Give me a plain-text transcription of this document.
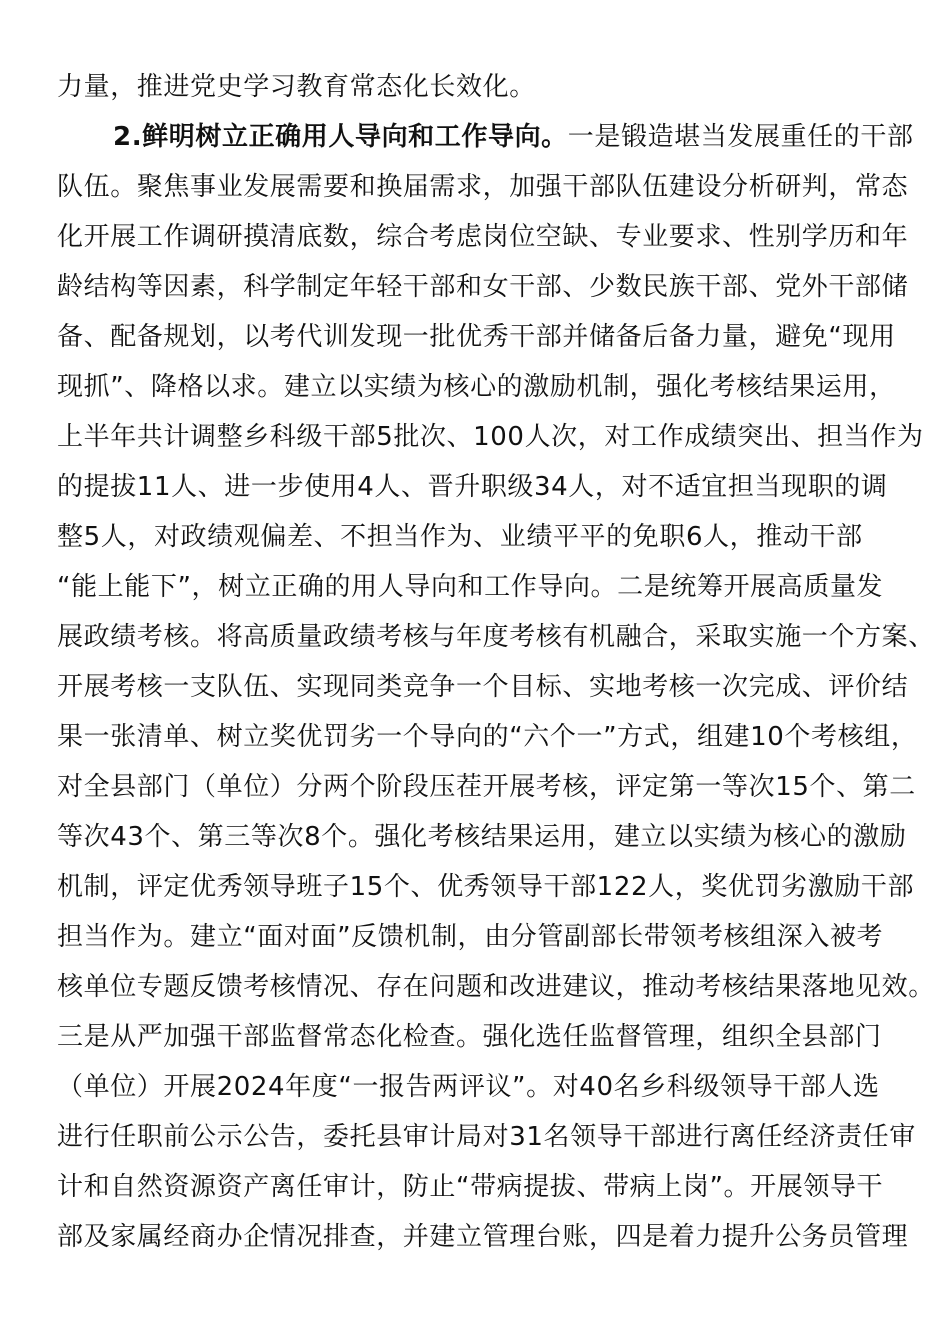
力量，推进党史学习教育常态化长效化。
2.鲜明树立正确用人导向和工作导向。一是锻造堪当发展重任的干部
队伍。聚焦事业发展需要和换届需求，加强干部队伍建设分析研判，常态
化开展工作调研摸清底数，综合考虑岗位空缺、专业要求、性别学历和年
龄结构等因素，科学制定年轻干部和女干部、少数民族干部、党外干部储
备、配备规划，以考代训发现一批优秀干部并储备后备力量，避免“现用
现抓”、降格以求。建立以实绩为核心的激励机制，强化考核结果运用，
上半年共计调整乡科级干部5批次、100人次，对工作成绩突出、担当作为
的提拔11人、进一步使用4人、晋升职级34人，对不适宜担当现职的调
整5人，对政绩观偏差、不担当作为、业绩平平的免职6人，推动干部
“能上能下”，树立正确的用人导向和工作导向。二是统筹开展高质量发
展政绩考核。将高质量政绩考核与年度考核有机融合，采取实施一个方案、
开展考核一支队伍、实现同类竞争一个目标、实地考核一次完成、评价结
果一张清单、树立奖优罚劣一个导向的“六个一”方式，组建10个考核组，
对全县部门（单位）分两个阶段压茬开展考核，评定第一等次15个、第二
等次43个、第三等次8个。强化考核结果运用，建立以实绩为核心的激励
机制，评定优秀领导班子15个、优秀领导干部122人，奖优罚劣激励干部
担当作为。建立“面对面”反馈机制，由分管副部长带领考核组深入被考
核单位专题反馈考核情况、存在问题和改进建议，推动考核结果落地见效。
三是从严加强干部监督常态化检查。强化选任监督管理，组织全县部门
（单位）开展2024年度“一报告两评议”。对40名乡科级领导干部人选
进行任职前公示公告，委托县审计局对31名领导干部进行离任经济责任审
计和自然资源资产离任审计，防止“带病提拔、带病上岗”。开展领导干
部及家属经商办企情况排查，并建立管理台账，四是着力提升公务员管理
